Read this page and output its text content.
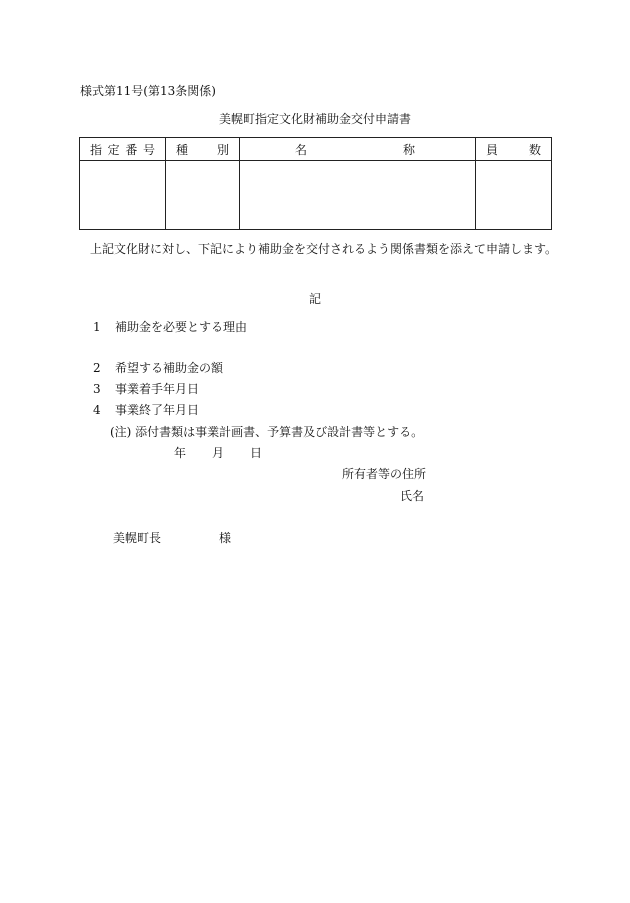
様式第11号(第13条関係)
美幌町指定文化財補助金交付申請書
指 定 番 号	種 別	名 称	員 数

上記文化財に対し、下記により補助金を交付されるよう関係書類を添えて申請します。
記
1 補助金を必要とする理由
2 希望する補助金の額
3 事業着手年月日
4 事業終了年月日
(注) 添付書類は事業計画書、予算書及び設計書等とする。
年 月 日
所有者等の住所
氏名
美幌町長	様
